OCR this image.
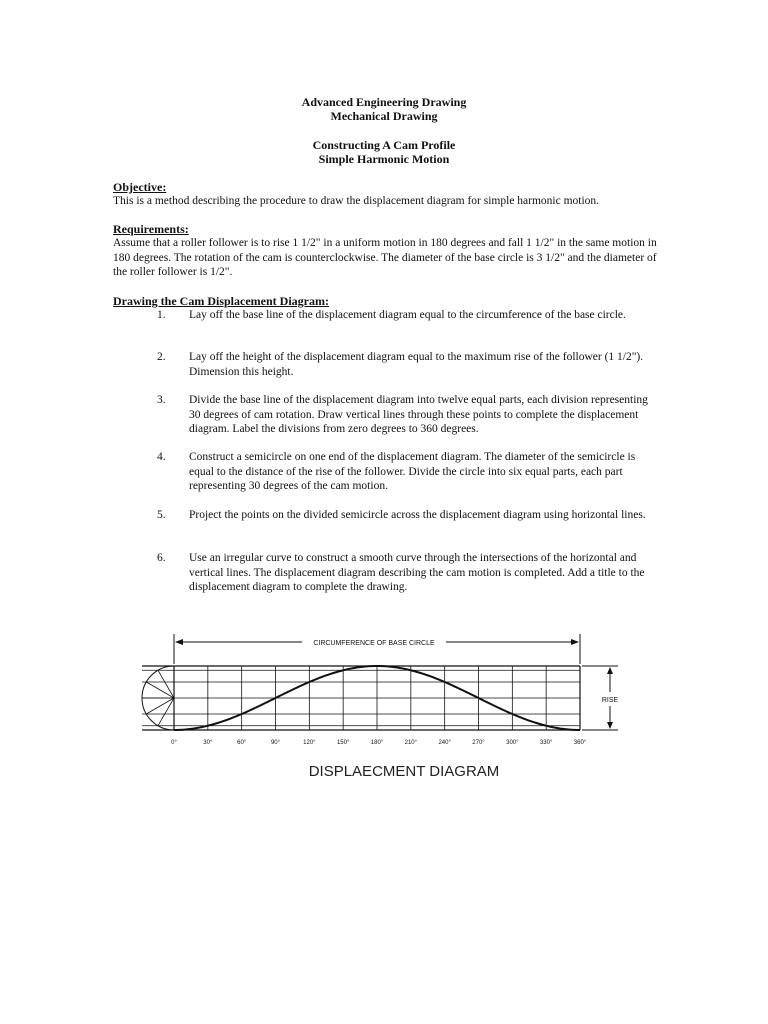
Advanced Engineering Drawing
Mechanical Drawing
Constructing A Cam Profile
Simple Harmonic Motion
Objective:
This is a method describing the procedure to draw the displacement diagram for simple harmonic motion.
Requirements:
Assume that a roller follower is to rise 1 1/2" in a uniform motion in 180 degrees and fall 1 1/2" in the same motion in 180 degrees. The rotation of the cam is counterclockwise. The diameter of the base circle is 3 1/2" and the diameter of the roller follower is 1/2".
Drawing the Cam Displacement Diagram:
1.	Lay off the base line of the displacement diagram equal to the circumference of the base circle.
2.	Lay off the height of the displacement diagram equal to the maximum rise of the follower (1 1/2"). Dimension this height.
3.	Divide the base line of the displacement diagram into twelve equal parts, each division representing 30 degrees of cam rotation. Draw vertical lines through these points to complete the displacement diagram. Label the divisions from zero degrees to 360 degrees.
4.	Construct a semicircle on one end of the displacement diagram. The diameter of the semicircle is equal to the distance of the rise of the follower. Divide the circle into six equal parts, each part representing 30 degrees of the cam motion.
5.	Project the points on the divided semicircle across the displacement diagram using horizontal lines.
6.	Use an irregular curve to construct a smooth curve through the intersections of the horizontal and vertical lines. The displacement diagram describing the cam motion is completed. Add a title to the displacement diagram to complete the drawing.
CIRCUMFERENCE OF BASE CIRCLE
RISE
0°	30°	60°	90°	120°	150°	180°	210°	240°	270°	300°	330°	360°
DISPLAECMENT DIAGRAM
